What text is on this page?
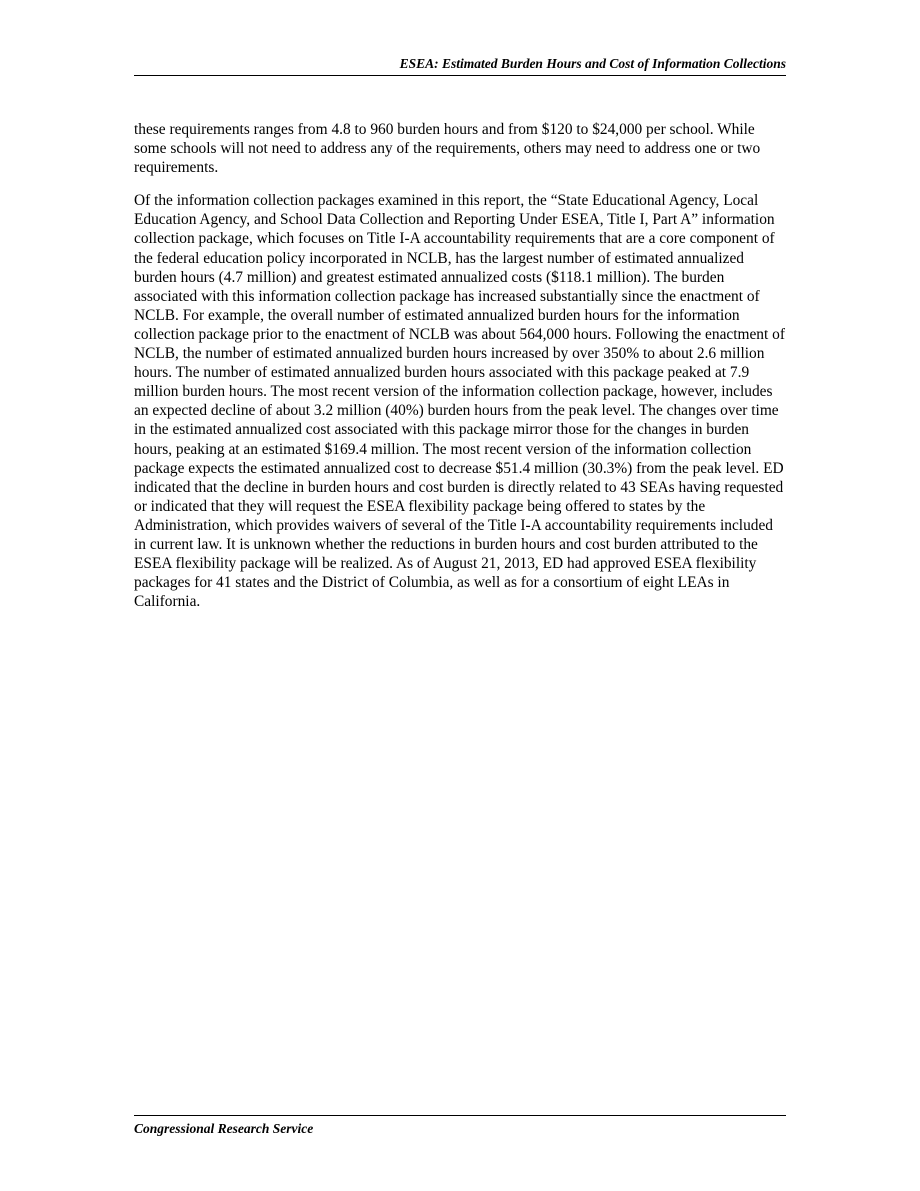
ESEA: Estimated Burden Hours and Cost of Information Collections

these requirements ranges from 4.8 to 960 burden hours and from $120 to $24,000 per school. While some schools will not need to address any of the requirements, others may need to address one or two requirements.

Of the information collection packages examined in this report, the “State Educational Agency, Local Education Agency, and School Data Collection and Reporting Under ESEA, Title I, Part A” information collection package, which focuses on Title I-A accountability requirements that are a core component of the federal education policy incorporated in NCLB, has the largest number of estimated annualized burden hours (4.7 million) and greatest estimated annualized costs ($118.1 million). The burden associated with this information collection package has increased substantially since the enactment of NCLB. For example, the overall number of estimated annualized burden hours for the information collection package prior to the enactment of NCLB was about 564,000 hours. Following the enactment of NCLB, the number of estimated annualized burden hours increased by over 350% to about 2.6 million hours. The number of estimated annualized burden hours associated with this package peaked at 7.9 million burden hours. The most recent version of the information collection package, however, includes an expected decline of about 3.2 million (40%) burden hours from the peak level. The changes over time in the estimated annualized cost associated with this package mirror those for the changes in burden hours, peaking at an estimated $169.4 million. The most recent version of the information collection package expects the estimated annualized cost to decrease $51.4 million (30.3%) from the peak level. ED indicated that the decline in burden hours and cost burden is directly related to 43 SEAs having requested or indicated that they will request the ESEA flexibility package being offered to states by the Administration, which provides waivers of several of the Title I-A accountability requirements included in current law. It is unknown whether the reductions in burden hours and cost burden attributed to the ESEA flexibility package will be realized. As of August 21, 2013, ED had approved ESEA flexibility packages for 41 states and the District of Columbia, as well as for a consortium of eight LEAs in California.

Congressional Research Service
